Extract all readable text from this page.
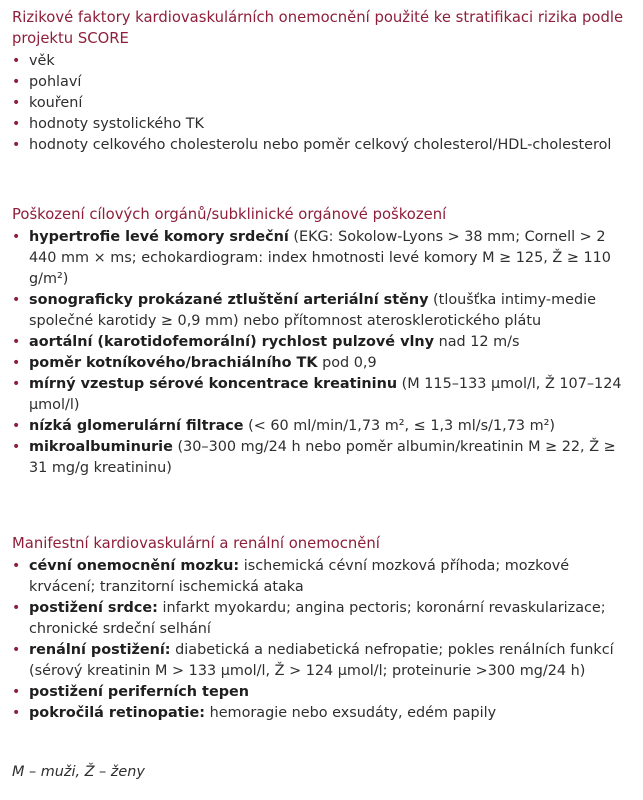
Rizikové faktory kardiovaskulárních onemocnění použité ke stratifikaci rizika podle projektu SCORE
• věk
• pohlaví
• kouření
• hodnoty systolického TK
• hodnoty celkového cholesterolu nebo poměr celkový cholesterol/HDL-cholesterol
Poškození cílových orgánů/subklinické orgánové poškození
• hypertrofie levé komory srdeční (EKG: Sokolow-Lyons > 38 mm; Cornell > 2 440 mm × ms; echokardiogram: index hmotnosti levé komory M ≥ 125, Ž ≥ 110 g/m²)
• sonograficky prokázané ztluštění arteriální stěny (tloušťka intimy-medie společné karotidy ≥ 0,9 mm) nebo přítomnost aterosklerotického plátu
• aortální (karotidofemorální) rychlost pulzové vlny nad 12 m/s
• poměr kotníkového/brachiálního TK pod 0,9
• mírný vzestup sérové koncentrace kreatininu (M 115–133 μmol/l, Ž 107–124 μmol/l)
• nízká glomerulární filtrace (< 60 ml/min/1,73 m², ≤ 1,3 ml/s/1,73 m²)
• mikroalbuminurie (30–300 mg/24 h nebo poměr albumin/kreatinin M ≥ 22, Ž ≥ 31 mg/g kreatininu)
Manifestní kardiovaskulární a renální onemocnění
• cévní onemocnění mozku: ischemická cévní mozková příhoda; mozkové krvácení; tranzitorní ischemická ataka
• postižení srdce: infarkt myokardu; angina pectoris; koronární revaskularizace; chronické srdeční selhání
• renální postižení: diabetická a nediabetická nefropatie; pokles renálních funkcí (sérový kreatinin M > 133 μmol/l, Ž > 124 μmol/l; proteinurie >300 mg/24 h)
• postižení periferních tepen
• pokročilá retinopatie: hemoragie nebo exsudáty, edém papily
M – muži, Ž – ženy
